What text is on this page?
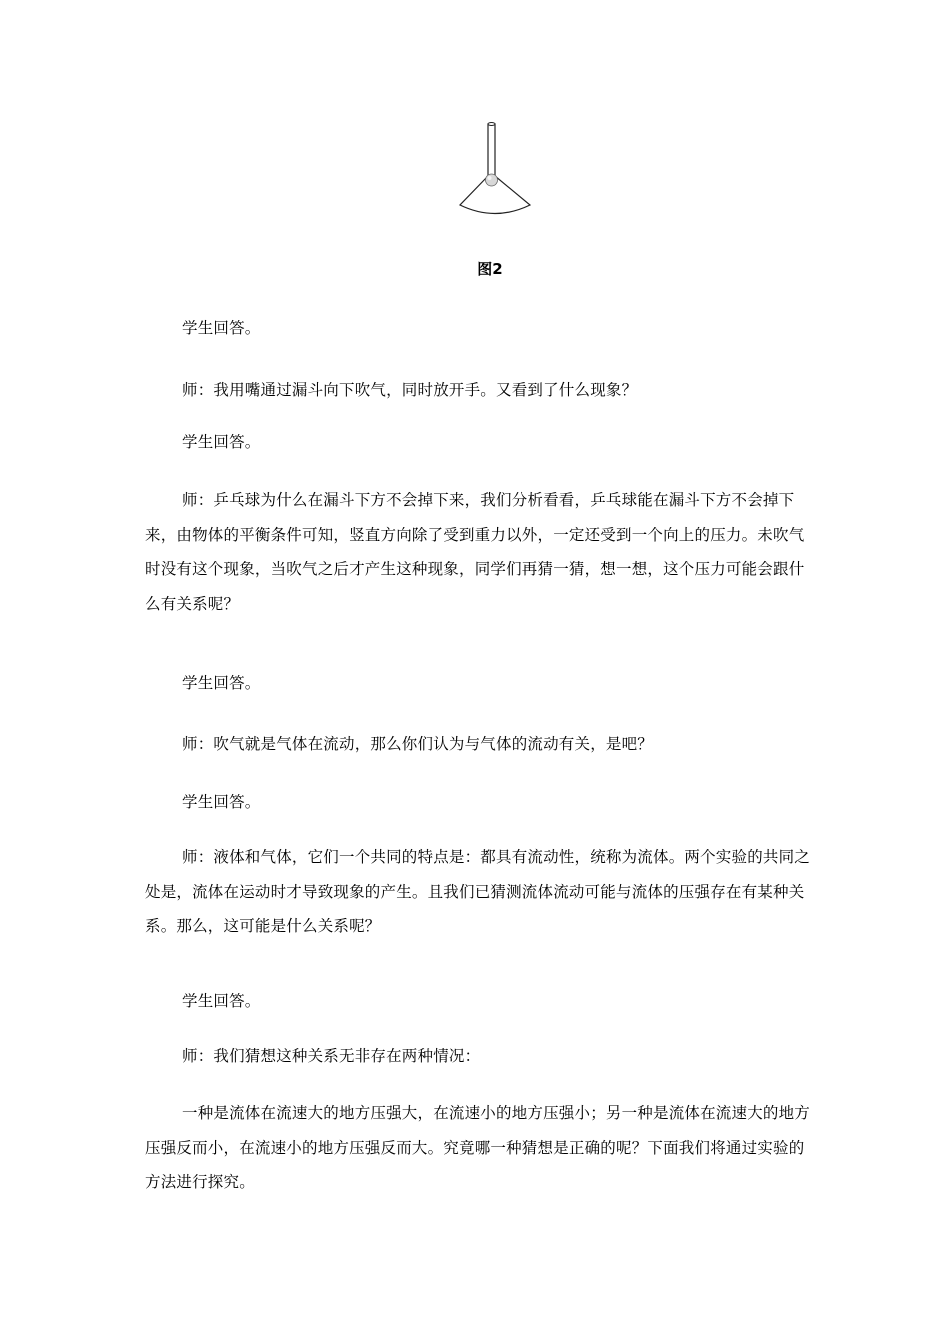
图2

学生回答。

师：我用嘴通过漏斗向下吹气，同时放开手。又看到了什么现象？

学生回答。

师：乒乓球为什么在漏斗下方不会掉下来，我们分析看看，乒乓球能在漏斗下方不会掉下来，由物体的平衡条件可知，竖直方向除了受到重力以外，一定还受到一个向上的压力。未吹气时没有这个现象，当吹气之后才产生这种现象，同学们再猜一猜，想一想，这个压力可能会跟什么有关系呢？

学生回答。

师：吹气就是气体在流动，那么你们认为与气体的流动有关，是吧？

学生回答。

师：液体和气体，它们一个共同的特点是：都具有流动性，统称为流体。两个实验的共同之处是，流体在运动时才导致现象的产生。且我们已猜测流体流动可能与流体的压强存在有某种关系。那么，这可能是什么关系呢？

学生回答。

师：我们猜想这种关系无非存在两种情况：

一种是流体在流速大的地方压强大，在流速小的地方压强小；另一种是流体在流速大的地方压强反而小，在流速小的地方压强反而大。究竟哪一种猜想是正确的呢？下面我们将通过实验的方法进行探究。
